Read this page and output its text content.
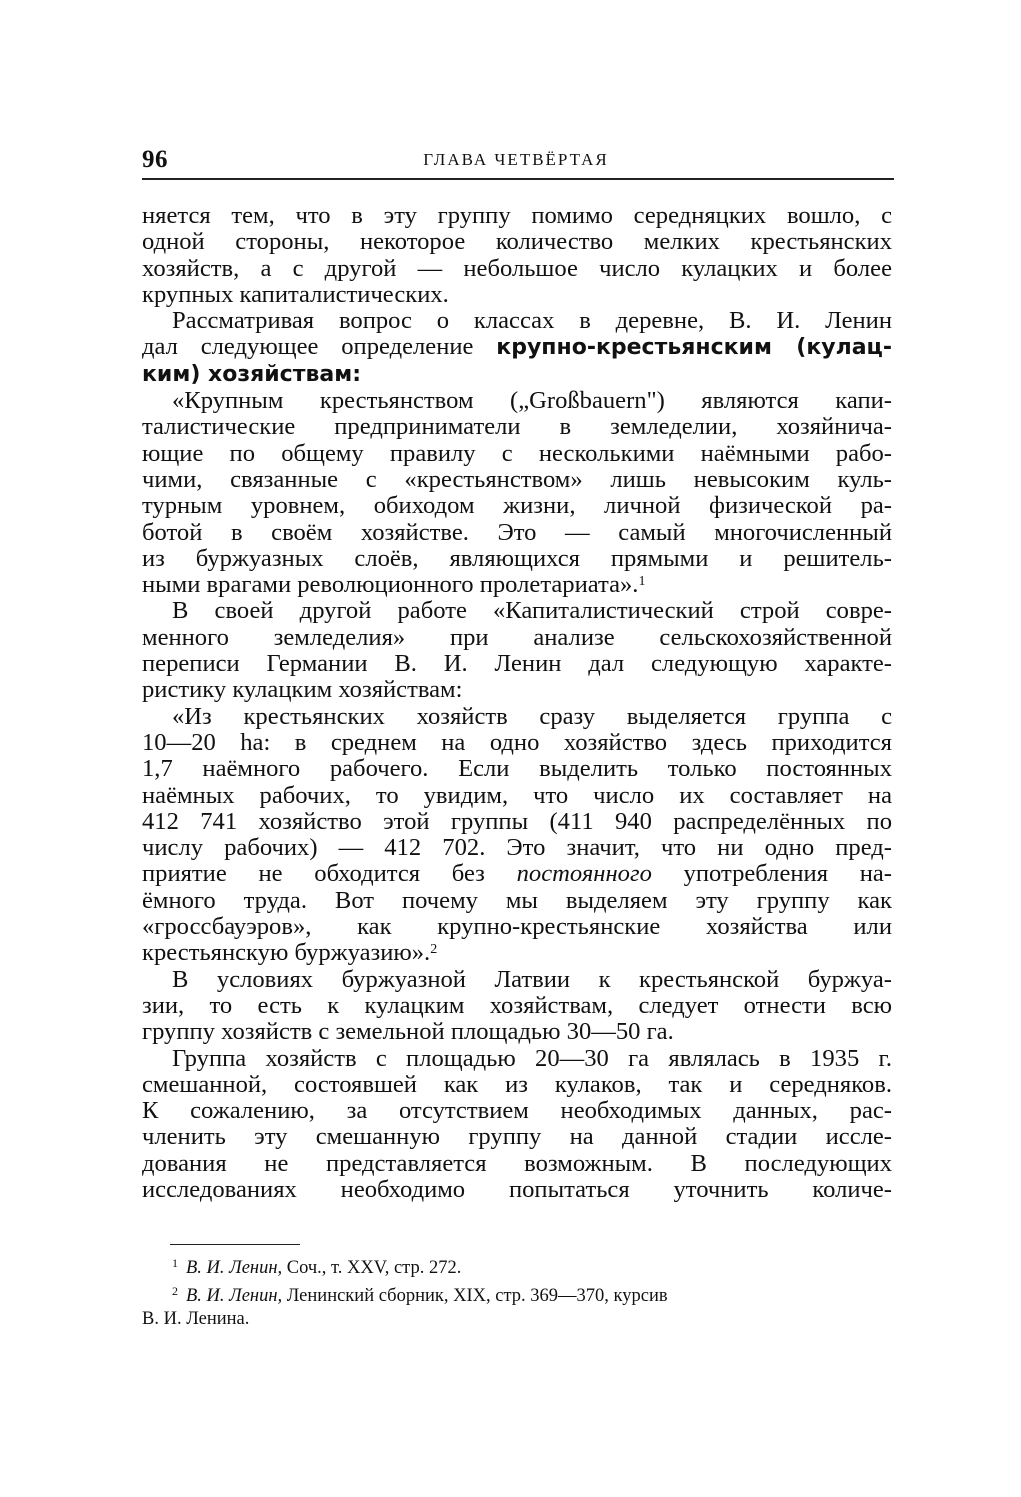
96	ГЛАВА ЧЕТВЁРТАЯ
няется тем, что в эту группу помимо середняцких вошло, с
одной стороны, некоторое количество мелких крестьянских
хозяйств, а с другой — небольшое число кулацких и более
крупных капиталистических.
Рассматривая вопрос о классах в деревне, В. И. Ленин
дал следующее определение крупно-крестьянским (кулац-
ким) хозяйствам:
«Крупным крестьянством („Großbauern") являются капи-
талистические предприниматели в земледелии, хозяйнича-
ющие по общему правилу с несколькими наёмными рабо-
чими, связанные с «крестьянством» лишь невысоким куль-
турным уровнем, обиходом жизни, личной физической ра-
ботой в своём хозяйстве. Это — самый многочисленный
из буржуазных слоёв, являющихся прямыми и решитель-
ными врагами революционного пролетариата».$^1$
В своей другой работе «Капиталистический строй совре-
менного земледелия» при анализе сельскохозяйственной
переписи Германии В. И. Ленин дал следующую характе-
ристику кулацким хозяйствам:
«Из крестьянских хозяйств сразу выделяется группа с
10—20 ha: в среднем на одно хозяйство здесь приходится
1,7 наёмного рабочего. Если выделить только постоянных
наёмных рабочих, то увидим, что число их составляет на
412 741 хозяйство этой группы (411 940 распределённых по
числу рабочих) — 412 702. Это значит, что ни одно пред-
приятие не обходится без постоянного употребления на-
ёмного труда. Вот почему мы выделяем эту группу как
«гроссбауэров», как крупно-крестьянские хозяйства или
крестьянскую буржуазию».$^2$
В условиях буржуазной Латвии к крестьянской буржуа-
зии, то есть к кулацким хозяйствам, следует отнести всю
группу хозяйств с земельной площадью 30—50 га.
Группа хозяйств с площадью 20—30 га являлась в 1935 г.
смешанной, состоявшей как из кулаков, так и середняков.
К сожалению, за отсутствием необходимых данных, рас-
членить эту смешанную группу на данной стадии иссле-
дования не представляется возможным. В последующих
исследованиях необходимо попытаться уточнить количе-
$^1$ В. И. Ленин, Соч., т. XXV, стр. 272.
$^2$ В. И. Ленин, Ленинский сборник, XIX, стр. 369—370, курсив
В. И. Ленина.
